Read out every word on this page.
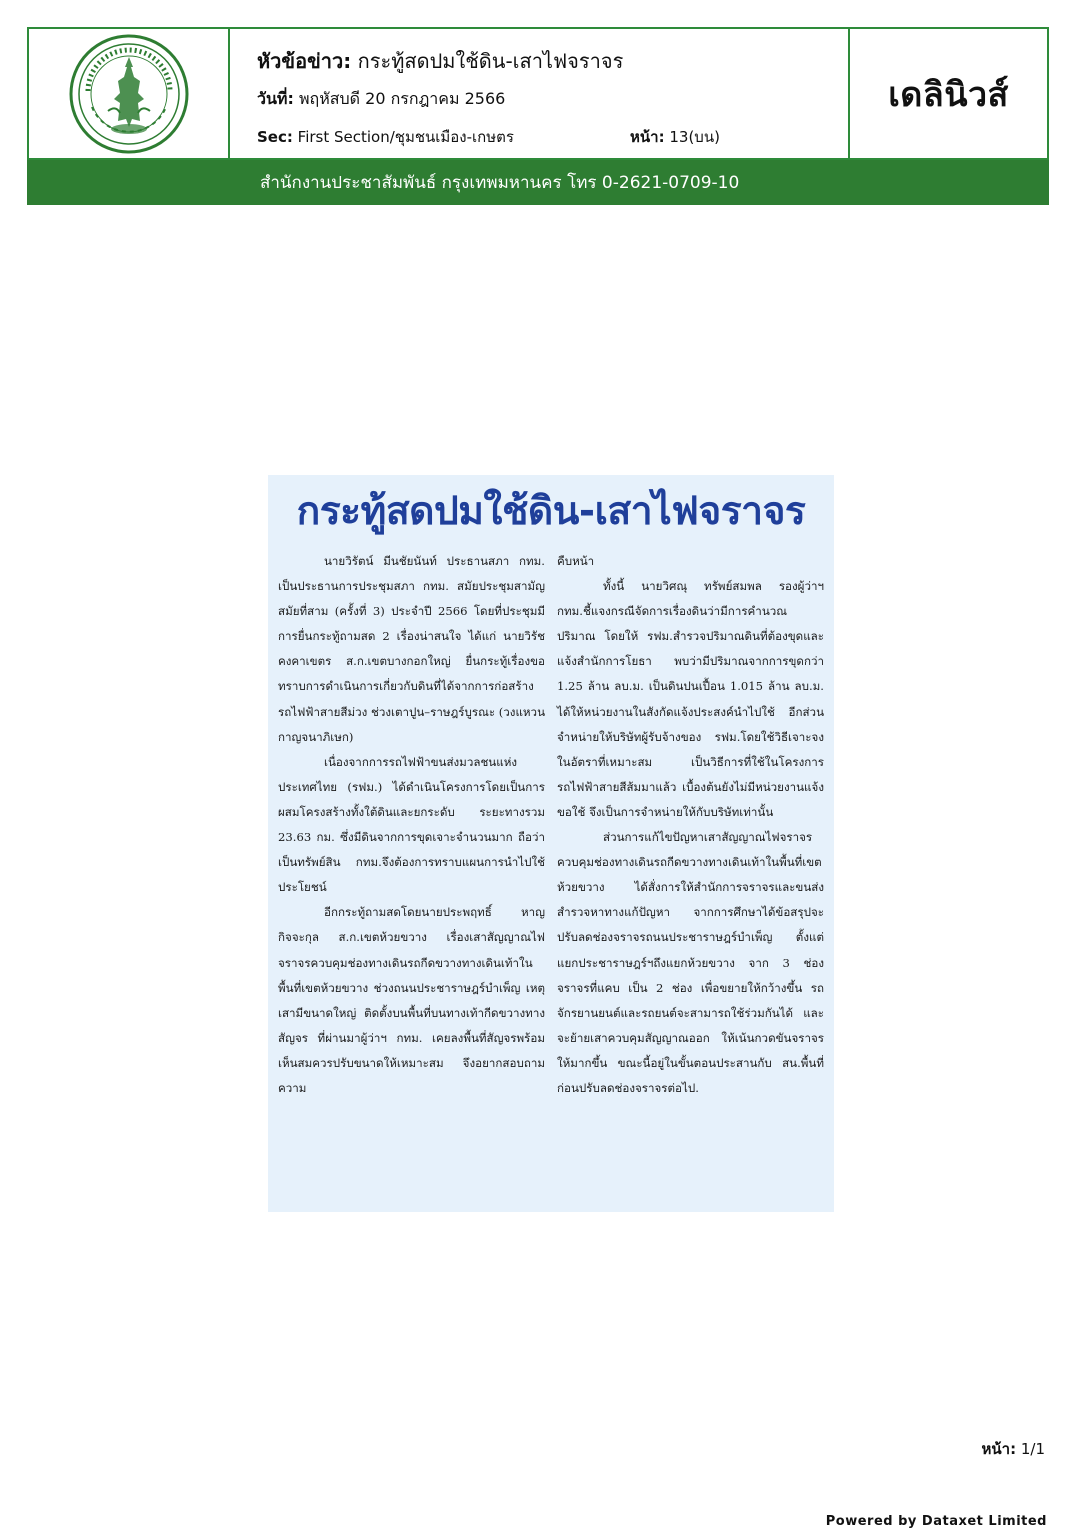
หัวข้อข่าว: กระทู้สดปมใช้ดิน-เสาไฟจราจร
วันที่: พฤหัสบดี 20 กรกฎาคม 2566
Sec: First Section/ชุมชนเมือง-เกษตร	หน้า: 13(บน)
เดลินิวส์
สำนักงานประชาสัมพันธ์ กรุงเทพมหานคร โทร 0-2621-0709-10
กระทู้สดปมใช้ดิน-เสาไฟจราจร

นายวิรัตน์ มีนชัยนันท์ ประธานสภา กทม. เป็นประธานการประชุมสภา กทม. สมัยประชุมสามัญสมัยที่สาม (ครั้งที่ 3) ประจำปี 2566 โดยที่ประชุมมีการยื่นกระทู้ถามสด 2 เรื่องน่าสนใจ ได้แก่ นายวิรัช คงคาเขตร ส.ก.เขตบางกอกใหญ่ ยื่นกระทู้เรื่องขอทราบการดำเนินการเกี่ยวกับดินที่ได้จากการก่อสร้างรถไฟฟ้าสายสีม่วง ช่วงเตาปูน–ราษฎร์บูรณะ (วงแหวนกาญจนาภิเษก)

เนื่องจากการรถไฟฟ้าขนส่งมวลชนแห่งประเทศไทย (รฟม.) ได้ดำเนินโครงการโดยเป็นการผสมโครงสร้างทั้งใต้ดินและยกระดับ ระยะทางรวม 23.63 กม. ซึ่งมีดินจากการขุดเจาะจำนวนมาก ถือว่าเป็นทรัพย์สิน กทม.จึงต้องการทราบแผนการนำไปใช้ประโยชน์

อีกกระทู้ถามสดโดยนายประพฤทธิ์ หาญกิจจะกุล ส.ก.เขตห้วยขวาง เรื่องเสาสัญญาณไฟจราจรควบคุมช่องทางเดินรถกีดขวางทางเดินเท้าในพื้นที่เขตห้วยขวาง ช่วงถนนประชาราษฎร์บำเพ็ญ เหตุเสามีขนาดใหญ่ ติดตั้งบนพื้นที่บนทางเท้ากีดขวางทางสัญจร ที่ผ่านมาผู้ว่าฯ กทม. เคยลงพื้นที่สัญจรพร้อมเห็นสมควรปรับขนาดให้เหมาะสม จึงอยากสอบถามความ

คืบหน้า

ทั้งนี้ นายวิศณุ ทรัพย์สมพล รองผู้ว่าฯ กทม.ชี้แจงกรณีจัดการเรื่องดินว่ามีการคำนวณปริมาณ โดยให้ รฟม.สำรวจปริมาณดินที่ต้องขุดและแจ้งสำนักการโยธา พบว่ามีปริมาณจากการขุดกว่า 1.25 ล้าน ลบ.ม. เป็นดินปนเปื้อน 1.015 ล้าน ลบ.ม. ได้ให้หน่วยงานในสังกัดแจ้งประสงค์นำไปใช้ อีกส่วนจำหน่ายให้บริษัทผู้รับจ้างของ รฟม.โดยใช้วิธีเจาะจงในอัตราที่เหมาะสม เป็นวิธีการที่ใช้ในโครงการรถไฟฟ้าสายสีส้มมาแล้ว เบื้องต้นยังไม่มีหน่วยงานแจ้งขอใช้ จึงเป็นการจำหน่ายให้กับบริษัทเท่านั้น

ส่วนการแก้ไขปัญหาเสาสัญญาณไฟจราจรควบคุมช่องทางเดินรถกีดขวางทางเดินเท้าในพื้นที่เขตห้วยขวาง ได้สั่งการให้สำนักการจราจรและขนส่ง สำรวจหาทางแก้ปัญหา จากการศึกษาได้ข้อสรุปจะปรับลดช่องจราจรถนนประชาราษฎร์บำเพ็ญ ตั้งแต่แยกประชาราษฎร์ฯถึงแยกห้วยขวาง จาก 3 ช่องจราจรที่แคบ เป็น 2 ช่อง เพื่อขยายให้กว้างขึ้น รถจักรยานยนต์และรถยนต์จะสามารถใช้ร่วมกันได้ และจะย้ายเสาควบคุมสัญญาณออก ให้เน้นกวดขันจราจรให้มากขึ้น ขณะนี้อยู่ในขั้นตอนประสานกับ สน.พื้นที่ ก่อนปรับลดช่องจราจรต่อไป.

หน้า: 1/1
Powered by Dataxet Limited
